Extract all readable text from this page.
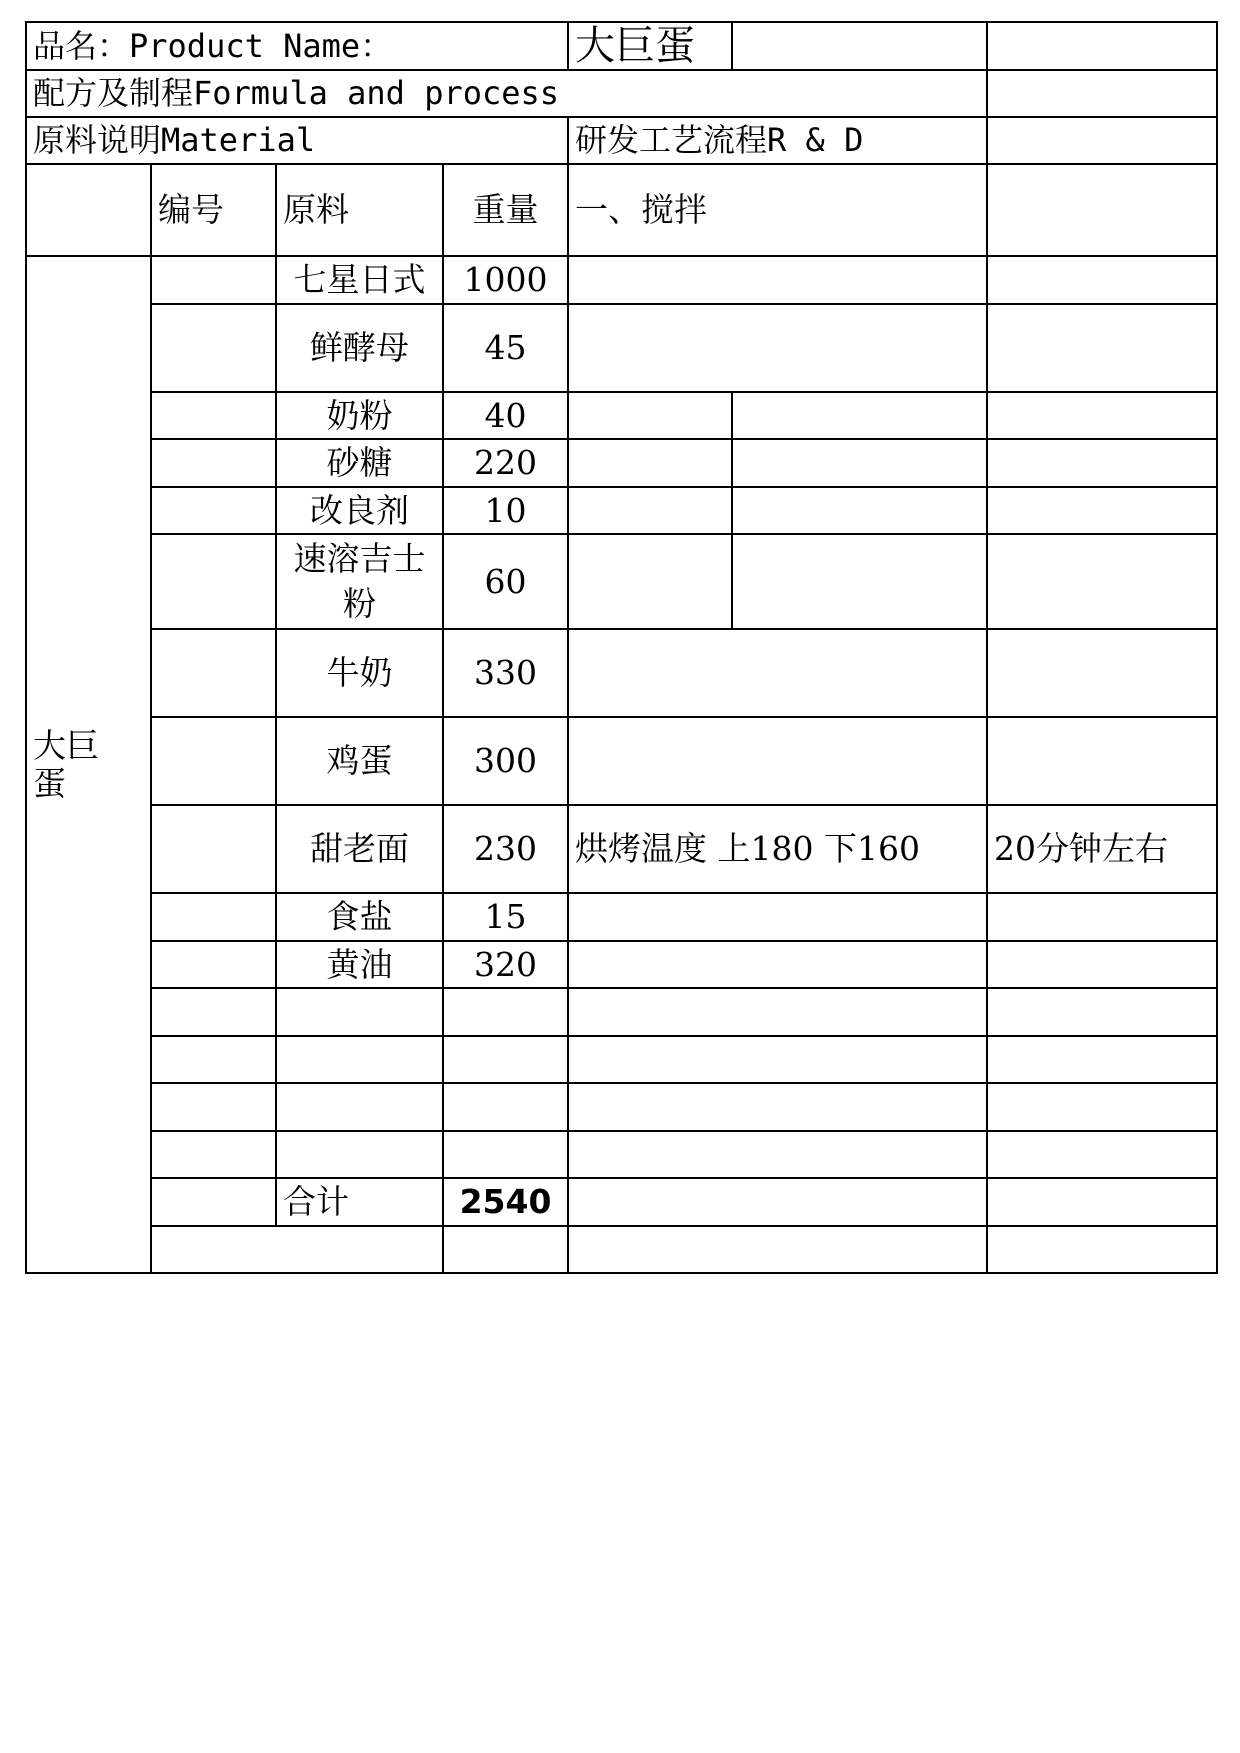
品名：Product Name：				大巨蛋		
配方及制程Formula and process						
原料说明Material				研发工艺流程R & D		
	编号	原料	重量	一、搅拌		

大巨蛋		七星日式	1000			
		鲜酵母	45			
		奶粉	40			
		砂糖	220			
		改良剂	10			
		速溶吉士粉	60			
		牛奶	330			
		鸡蛋	300			
		甜老面	230	烘烤温度 上180 下160		20分钟左右
		食盐	15			
		黄油	320			

		合计	2540			
